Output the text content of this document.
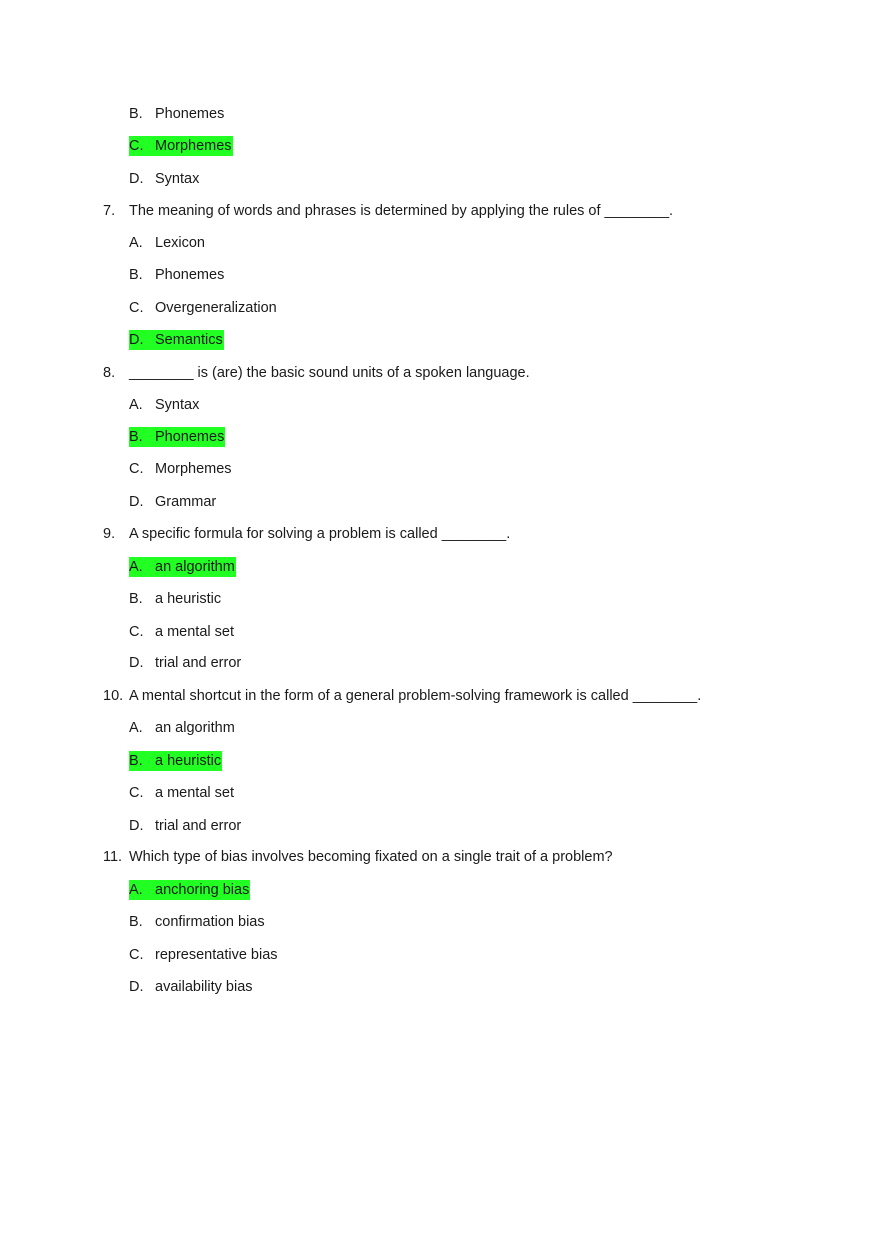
B. Phonemes
C. Morphemes
D. Syntax
7. The meaning of words and phrases is determined by applying the rules of ________.
A. Lexicon
B. Phonemes
C. Overgeneralization
D. Semantics
8. ________ is (are) the basic sound units of a spoken language.
A. Syntax
B. Phonemes
C. Morphemes
D. Grammar
9. A specific formula for solving a problem is called ________.
A. an algorithm
B. a heuristic
C. a mental set
D. trial and error
10. A mental shortcut in the form of a general problem-solving framework is called ________.
A. an algorithm
B. a heuristic
C. a mental set
D. trial and error
11. Which type of bias involves becoming fixated on a single trait of a problem?
A. anchoring bias
B. confirmation bias
C. representative bias
D. availability bias
